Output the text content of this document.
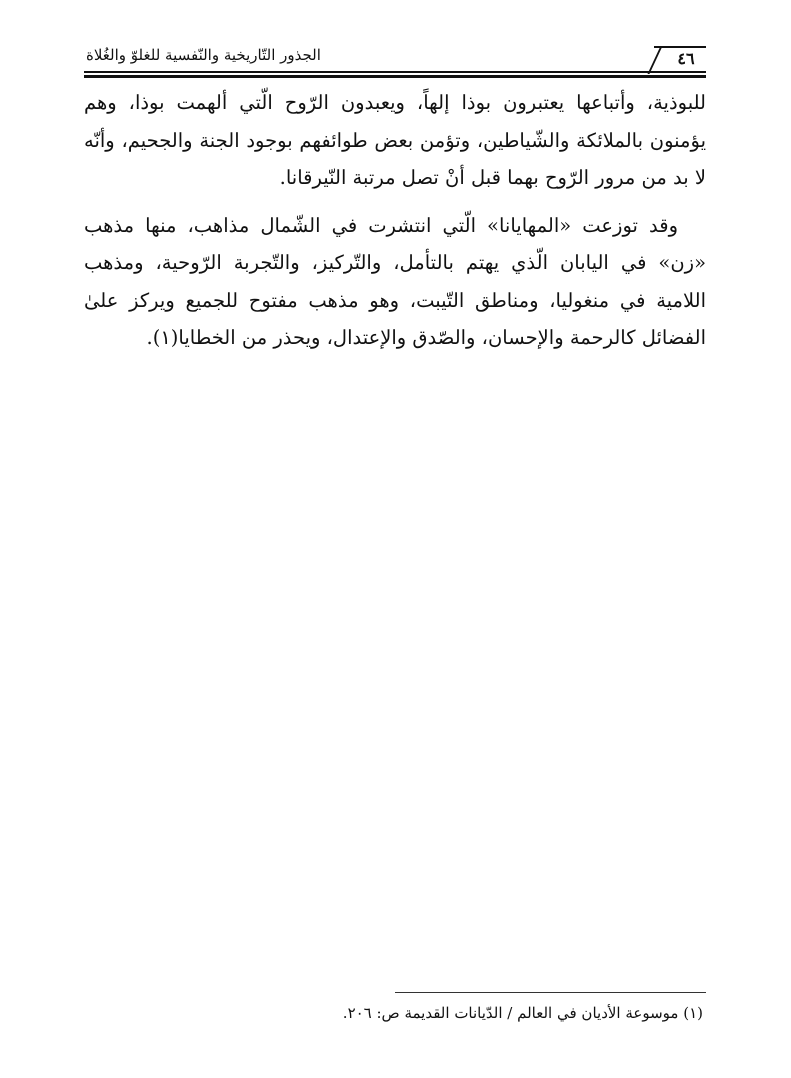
الجذور التّاريخية والنّفسية للغلوّ والغُلاة	٤٦

للبوذية، وأتباعها يعتبرون بوذا إلهاً، ويعبدون الرّوح الّتي ألهمت بوذا، وهم يؤمنون بالملائكة والشّياطين، وتؤمن بعض طوائفهم بوجود الجنة والجحيم، وأنّه لا بد من مرور الرّوح بهما قبل أنْ تصل مرتبة النّيرقانا.

وقد توزعت «المهايانا» الّتي انتشرت في الشّمال مذاهب، منها مذهب «زن» في اليابان الّذي يهتم بالتأمل، والتّركيز، والتّجربة الرّوحية، ومذهب اللامية في منغوليا، ومناطق التّيبت، وهو مذهب مفتوح للجميع ويركز علىٰ الفضائل كالرحمة والإحسان، والصّدق والإعتدال، ويحذر من الخطايا(١).

(١) موسوعة الأديان في العالم / الدّيانات القديمة ص: ٢٠٦.
